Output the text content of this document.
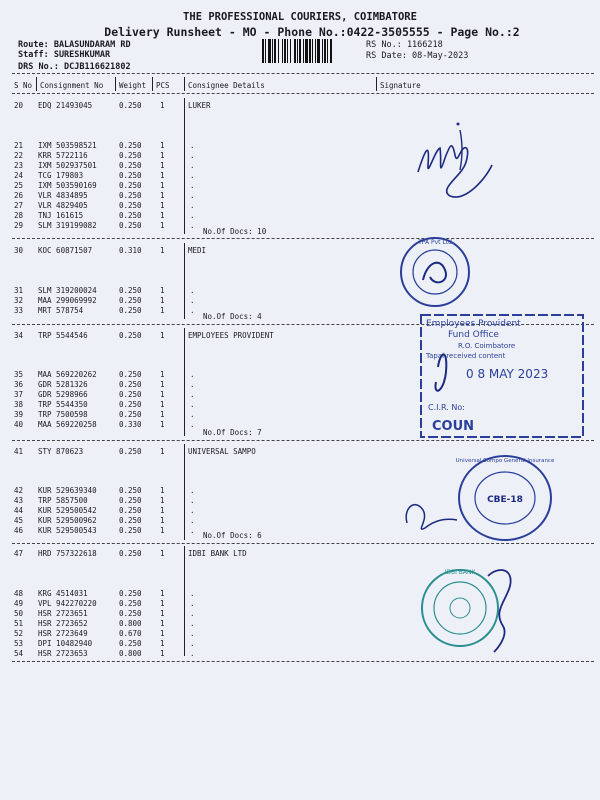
THE PROFESSIONAL COURIERS, COIMBATORE
Delivery Runsheet - MO - Phone No.:0422-3505555 - Page No.:2
Route: BALASUNDARAM RD
Staff: SURESHKUMAR
DRS No.: DCJB116621802
RS No.: 1166218
RS Date: 08-May-2023
S No Consignment No Weight PCS Consignee Details	Signature
20 EDQ 21493045	0.250 1	LUKER
21 IXM 503598521	0.250 1	.
22 KRR 5722116	0.250 1	.
23 IXM 502937501	0.250 1	.
24 TCG 179803	0.250 1	.
25 IXM 503590169	0.250 1	.
26 VLR 4834895	0.250 1	.
27 VLR 4829405	0.250 1	.
28 TNJ 161615	0.250 1	.
29 SLM 319199082	0.250 1	.
No.Of Docs: 10
30 KOC 60871507	0.310 1	MEDI
31 SLM 319200024	0.250 1	.
32 MAA 299069992	0.250 1	.
33 MRT 578754	0.250 1	.
No.Of Docs: 4
34 TRP 5544546	0.250 1	EMPLOYEES PROVIDENT
35 MAA 569220262	0.250 1	.
36 GDR 5281326	0.250 1	.
37 GDR 5298966	0.250 1	.
38 TRP 5544350	0.250 1	.
39 TRP 7500598	0.250 1	.
40 MAA 569220258	0.330 1	.
No.Of Docs: 7
41 STY 870623	0.250 1	UNIVERSAL SAMPO
42 KUR 529639340	0.250 1	.
43 TRP 5857500	0.250 1	.
44 KUR 529500542	0.250 1	.
45 KUR 529500962	0.250 1	.
46 KUR 529500543	0.250 1	.
No.Of Docs: 6
47 HRD 757322618	0.250 1	IDBI BANK LTD
48 KRG 4514031	0.250 1	.
49 VPL 942270220	0.250 1	.
50 HSR 2723651	0.250 1	.
51 HSR 2723652	0.800 1	.
52 HSR 2723649	0.670 1	.
53 DPI 10482940	0.250 1	.
54 HSR 2723653	0.800 1	.
TPA Pvt Ltd
Employees Provident
Fund Office
R.O. Coimbatore
Tapal received content
0 8 MAY 2023
C.I.R. No:
COUN
CBE-18
Universal Sompo General Insurance
IDBI BANK
